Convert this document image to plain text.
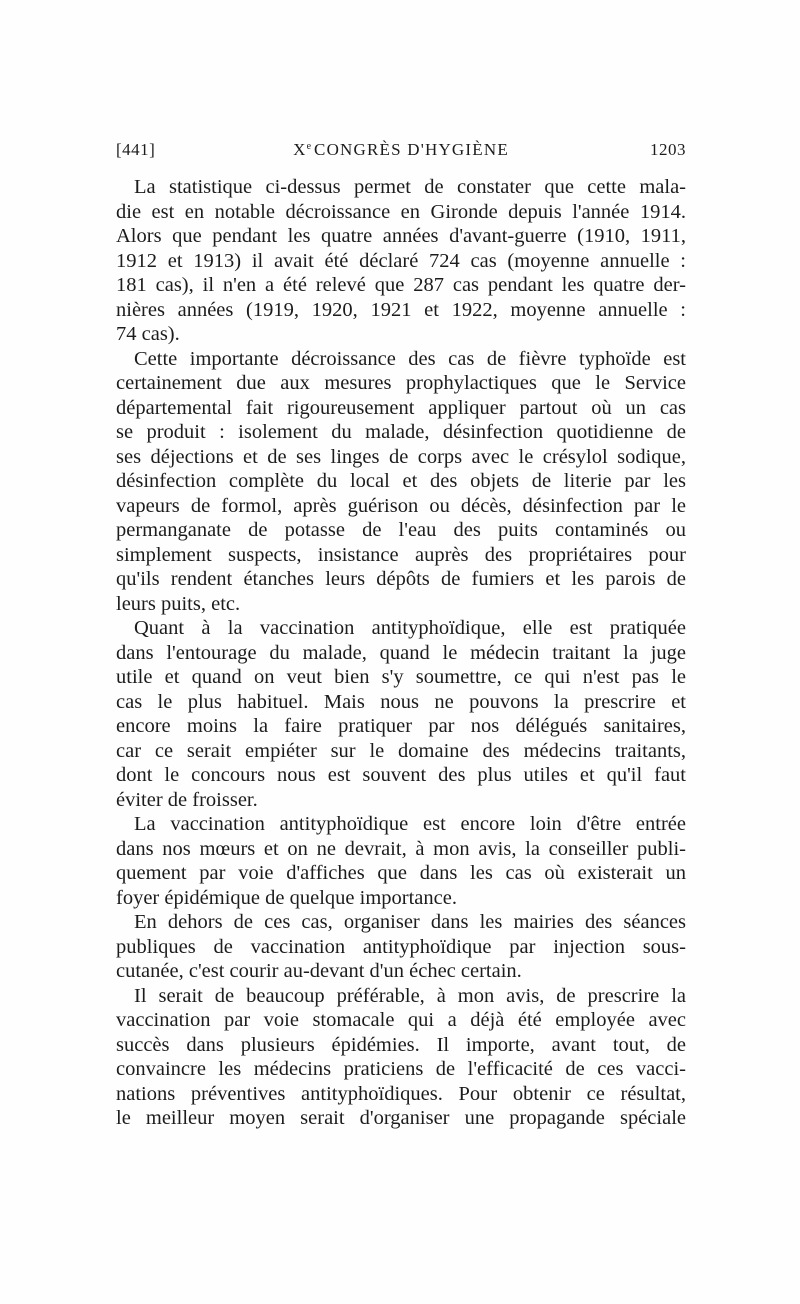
[441]	Xe CONGRÈS D'HYGIÈNE	1203
La statistique ci-dessus permet de constater que cette mala-
die est en notable décroissance en Gironde depuis l'année 1914.
Alors que pendant les quatre années d'avant-guerre (1910, 1911,
1912 et 1913) il avait été déclaré 724 cas (moyenne annuelle :
181 cas), il n'en a été relevé que 287 cas pendant les quatre der-
nières années (1919, 1920, 1921 et 1922, moyenne annuelle :
74 cas).
Cette importante décroissance des cas de fièvre typhoïde est
certainement due aux mesures prophylactiques que le Service
départemental fait rigoureusement appliquer partout où un cas
se produit : isolement du malade, désinfection quotidienne de
ses déjections et de ses linges de corps avec le crésylol sodique,
désinfection complète du local et des objets de literie par les
vapeurs de formol, après guérison ou décès, désinfection par le
permanganate de potasse de l'eau des puits contaminés ou
simplement suspects, insistance auprès des propriétaires pour
qu'ils rendent étanches leurs dépôts de fumiers et les parois de
leurs puits, etc.
Quant à la vaccination antityphoïdique, elle est pratiquée
dans l'entourage du malade, quand le médecin traitant la juge
utile et quand on veut bien s'y soumettre, ce qui n'est pas le
cas le plus habituel. Mais nous ne pouvons la prescrire et
encore moins la faire pratiquer par nos délégués sanitaires,
car ce serait empiéter sur le domaine des médecins traitants,
dont le concours nous est souvent des plus utiles et qu'il faut
éviter de froisser.
La vaccination antityphoïdique est encore loin d'être entrée
dans nos mœurs et on ne devrait, à mon avis, la conseiller publi-
quement par voie d'affiches que dans les cas où existerait un
foyer épidémique de quelque importance.
En dehors de ces cas, organiser dans les mairies des séances
publiques de vaccination antityphoïdique par injection sous-
cutanée, c'est courir au-devant d'un échec certain.
Il serait de beaucoup préférable, à mon avis, de prescrire la
vaccination par voie stomacale qui a déjà été employée avec
succès dans plusieurs épidémies. Il importe, avant tout, de
convaincre les médecins praticiens de l'efficacité de ces vacci-
nations préventives antityphoïdiques. Pour obtenir ce résultat,
le meilleur moyen serait d'organiser une propagande spéciale
